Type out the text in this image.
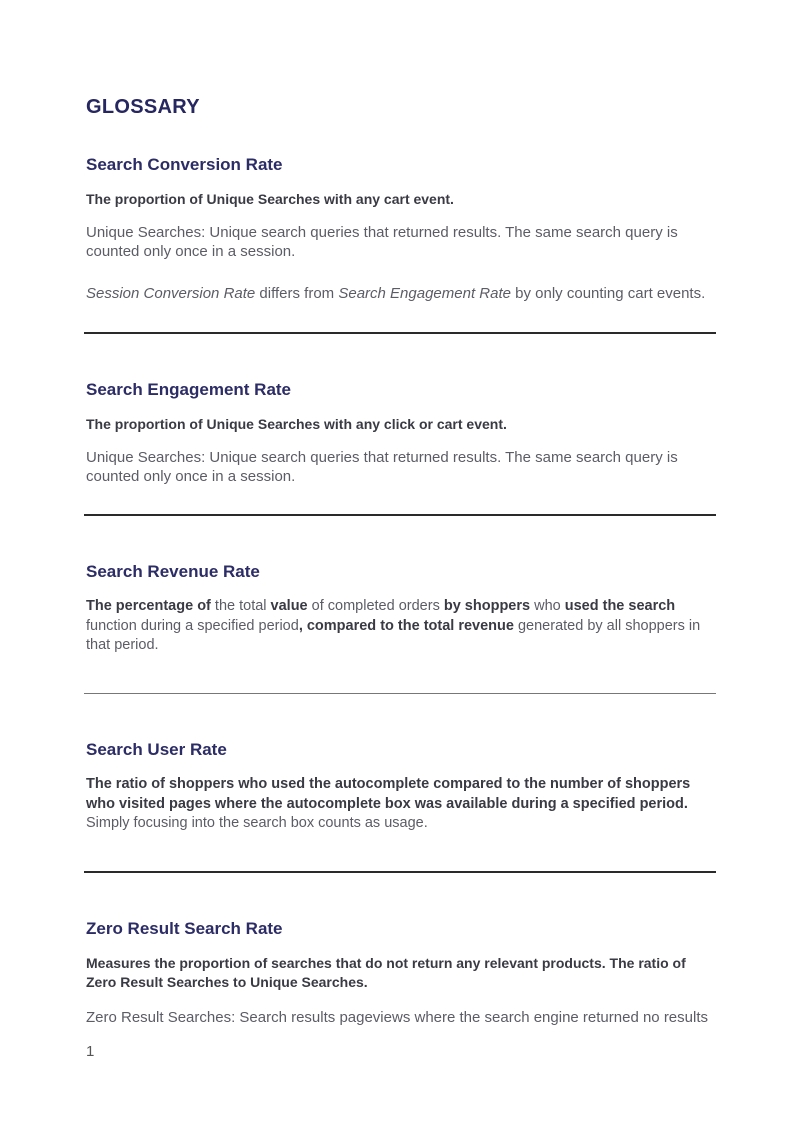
GLOSSARY
Search Conversion Rate

The proportion of Unique Searches with any cart event.

Unique Searches: Unique search queries that returned results. The same search query is counted only once in a session.

Session Conversion Rate differs from Search Engagement Rate by only counting cart events.

Search Engagement Rate

The proportion of Unique Searches with any click or cart event.

Unique Searches: Unique search queries that returned results. The same search query is counted only once in a session.

Search Revenue Rate

The percentage of the total value of completed orders by shoppers who used the search function during a specified period, compared to the total revenue generated by all shoppers in that period.

Search User Rate

The ratio of shoppers who used the autocomplete compared to the number of shoppers who visited pages where the autocomplete box was available during a specified period. Simply focusing into the search box counts as usage.

Zero Result Search Rate

Measures the proportion of searches that do not return any relevant products. The ratio of Zero Result Searches to Unique Searches.

Zero Result Searches: Search results pageviews where the search engine returned no results

1
